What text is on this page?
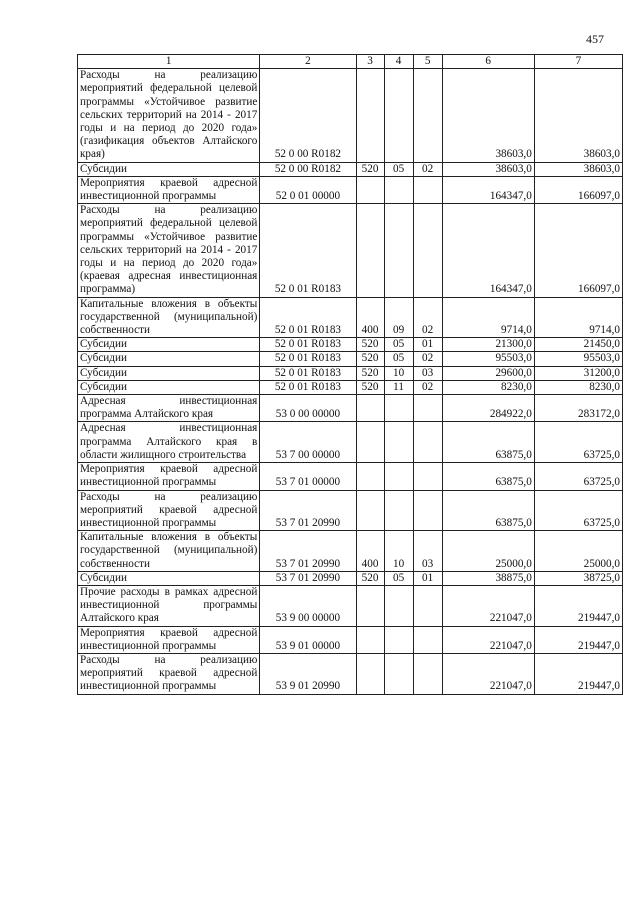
457
1	2	3	4	5	6	7
Расходы на реализацию мероприятий федеральной целевой программы «Устойчивое развитие сельских территорий на 2014 - 2017 годы и на период до 2020 года» (газификация объектов Алтайского края)	52 0 00 R0182				38603,0	38603,0
Субсидии	52 0 00 R0182	520	05	02	38603,0	38603,0
Мероприятия краевой адресной инвестиционной программы	52 0 01 00000				164347,0	166097,0
Расходы на реализацию мероприятий федеральной целевой программы «Устойчивое развитие сельских территорий на 2014 - 2017 годы и на период до 2020 года» (краевая адресная инвестиционная программа)	52 0 01 R0183				164347,0	166097,0
Капитальные вложения в объекты государственной (муниципальной) собственности	52 0 01 R0183	400	09	02	9714,0	9714,0
Субсидии	52 0 01 R0183	520	05	01	21300,0	21450,0
Субсидии	52 0 01 R0183	520	05	02	95503,0	95503,0
Субсидии	52 0 01 R0183	520	10	03	29600,0	31200,0
Субсидии	52 0 01 R0183	520	11	02	8230,0	8230,0
Адресная инвестиционная программа Алтайского края	53 0 00 00000				284922,0	283172,0
Адресная инвестиционная программа Алтайского края в области жилищного строительства	53 7 00 00000				63875,0	63725,0
Мероприятия краевой адресной инвестиционной программы	53 7 01 00000				63875,0	63725,0
Расходы на реализацию мероприятий краевой адресной инвестиционной программы	53 7 01 20990				63875,0	63725,0
Капитальные вложения в объекты государственной (муниципальной) собственности	53 7 01 20990	400	10	03	25000,0	25000,0
Субсидии	53 7 01 20990	520	05	01	38875,0	38725,0
Прочие расходы в рамках адресной инвестиционной программы Алтайского края	53 9 00 00000				221047,0	219447,0
Мероприятия краевой адресной инвестиционной программы	53 9 01 00000				221047,0	219447,0
Расходы на реализацию мероприятий краевой адресной инвестиционной программы	53 9 01 20990				221047,0	219447,0
